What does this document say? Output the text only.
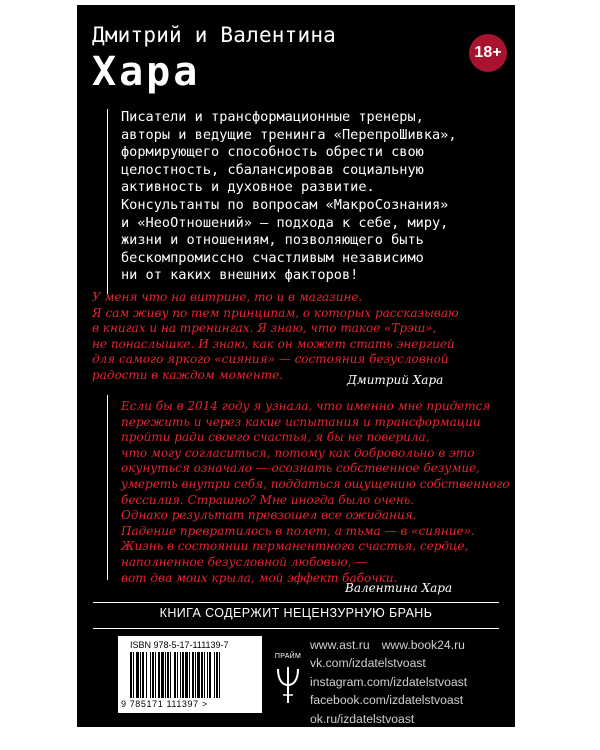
Дмитрий и Валентина
Хара	18+
Писатели и трансформационные тренеры,
авторы и ведущие тренинга «ПерепроШивка»,
формирующего способность обрести свою
целостность, сбалансировав социальную
активность и духовное развитие.
Консультанты по вопросам «МакроСознания»
и «НеоОтношений» — подхода к себе, миру,
жизни и отношениям, позволяющего быть
бескомпромиссно счастливым независимо
ни от каких внешних факторов!
У меня что на витрине, то и в магазине.
Я сам живу по тем принципам, о которых рассказываю
в книгах и на тренингах. Я знаю, что такое «Трэш»,
не понаслышке. И знаю, как он может стать энергией
для самого яркого «сияния» — состояния безусловной
радости в каждом моменте.	Дмитрий Хара
Если бы в 2014 году я узнала, что именно мне придется
пережить и через какие испытания и трансформации
пройти ради своего счастья, я бы не поверила,
что могу согласиться, потому как добровольно в это
окунуться означало — осознать собственное безумие,
умереть внутри себя, поддаться ощущению собственного
бессилия. Страшно? Мне иногда было очень.
Однако результат превзошел все ожидания.
Падение превратилось в полет, а тьма — в «сияние».
Жизнь в состоянии перманентного счастья, сердце,
наполненное безусловной любовью, —
вот два моих крыла, мой эффект бабочки.
Валентина Хара
КНИГА СОДЕРЖИТ НЕЦЕНЗУРНУЮ БРАНЬ
ISBN 978-5-17-111139-7
9 785171 111397 >
ПРАЙМ
www.ast.ru www.book24.ru
vk.com/izdatelstvoast
instagram.com/izdatelstvoast
facebook.com/izdatelstvoast
ok.ru/izdatelstvoast
